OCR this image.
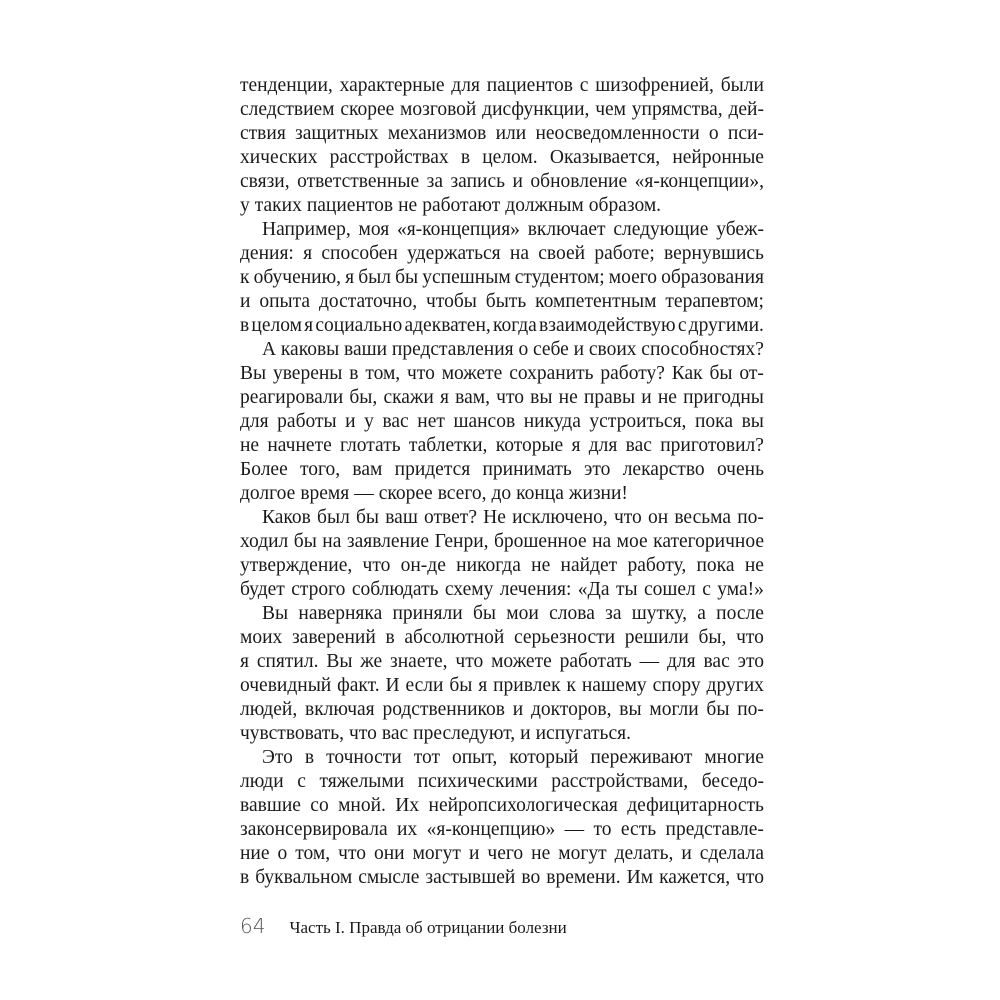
тенденции, характерные для пациентов с шизофренией, были
следствием скорее мозговой дисфункции, чем упрямства, дей-
ствия защитных механизмов или неосведомленности о пси-
хических расстройствах в целом. Оказывается, нейронные
связи, ответственные за запись и обновление «я-концепции»,
у таких пациентов не работают должным образом.
Например, моя «я-концепция» включает следующие убеж-
дения: я способен удержаться на своей работе; вернувшись
к обучению, я был бы успешным студентом; моего образования
и опыта достаточно, чтобы быть компетентным терапевтом;
в целом я социально адекватен, когда взаимодействую с другими.
А каковы ваши представления о себе и своих способностях?
Вы уверены в том, что можете сохранить работу? Как бы от-
реагировали бы, скажи я вам, что вы не правы и не пригодны
для работы и у вас нет шансов никуда устроиться, пока вы
не начнете глотать таблетки, которые я для вас приготовил?
Более того, вам придется принимать это лекарство очень
долгое время — скорее всего, до конца жизни!
Каков был бы ваш ответ? Не исключено, что он весьма по-
ходил бы на заявление Генри, брошенное на мое категоричное
утверждение, что он-де никогда не найдет работу, пока не
будет строго соблюдать схему лечения: «Да ты сошел с ума!»
Вы наверняка приняли бы мои слова за шутку, а после
моих заверений в абсолютной серьезности решили бы, что
я спятил. Вы же знаете, что можете работать — для вас это
очевидный факт. И если бы я привлек к нашему спору других
людей, включая родственников и докторов, вы могли бы по-
чувствовать, что вас преследуют, и испугаться.
Это в точности тот опыт, который переживают многие
люди с тяжелыми психическими расстройствами, беседо-
вавшие со мной. Их нейропсихологическая дефицитарность
законсервировала их «я-концепцию» — то есть представле-
ние о том, что они могут и чего не могут делать, и сделала
в буквальном смысле застывшей во времени. Им кажется, что
64 Часть I. Правда об отрицании болезни
